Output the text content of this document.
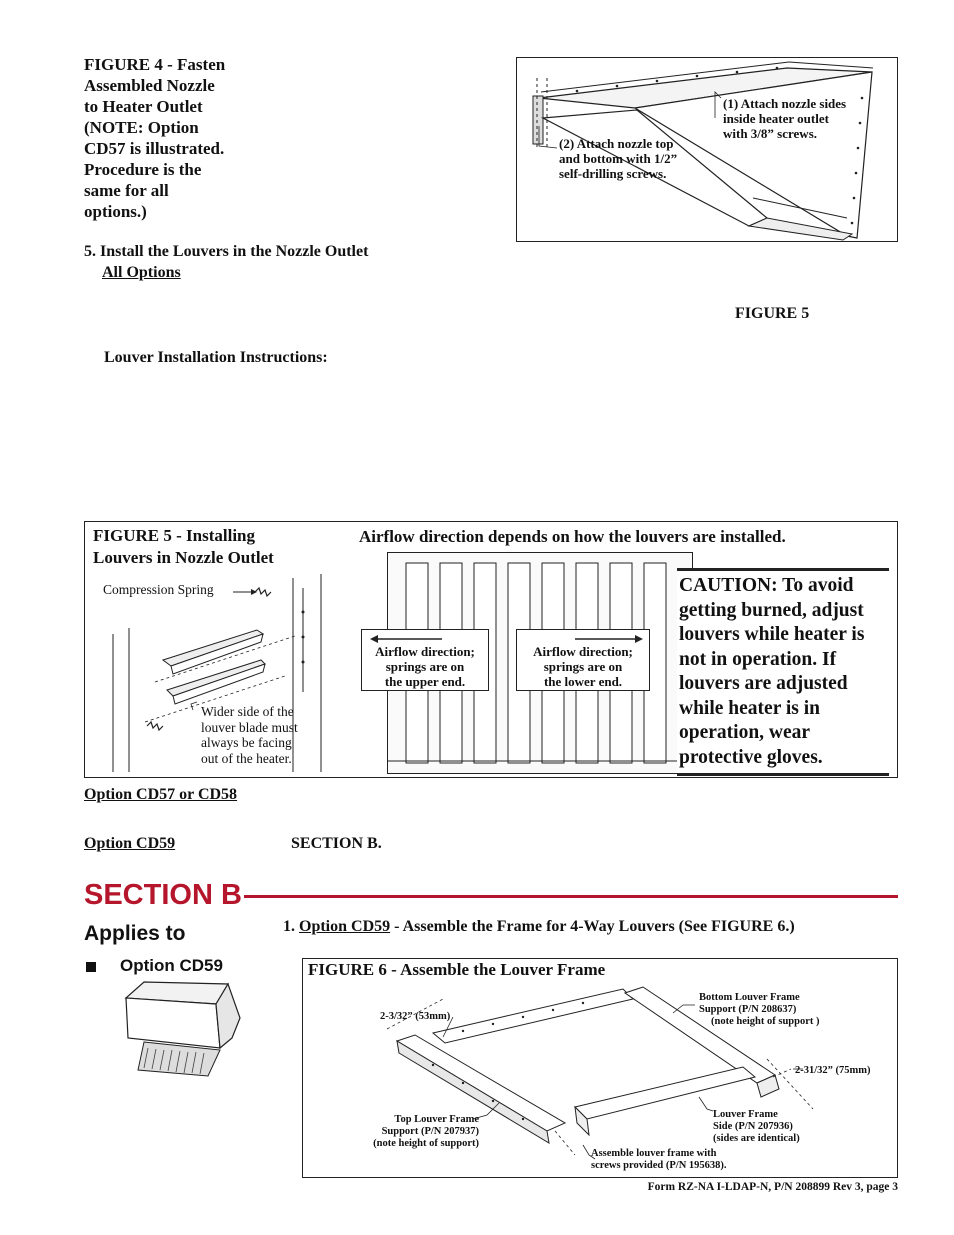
FIGURE 4 - Fasten
Assembled Nozzle
to Heater Outlet
(NOTE: Option
CD57 is illustrated.
Procedure is the
same for all
options.)
(1) Attach nozzle sides
inside heater outlet
with 3/8” screws.
(2) Attach nozzle top
and bottom with 1/2”
self-drilling screws.
5. Install the Louvers in the Nozzle Outlet
All Options
FIGURE 5
Louver Installation Instructions:
FIGURE 5 - Installing
Louvers in Nozzle Outlet
Airflow direction depends on how the louvers are installed.
Compression Spring
Wider side of the
louver blade must
always be facing
out of the heater.
Airflow direction;
springs are on
the upper end.
Airflow direction;
springs are on
the lower end.
CAUTION: To avoid
getting burned, adjust
louvers while heater is
not in operation. If
louvers are adjusted
while heater is in
operation, wear
protective gloves.
Option CD57 or CD58
Option CD59	SECTION B.
SECTION B
Applies to
Option CD59
1. Option CD59 - Assemble the Frame for 4-Way Louvers (See FIGURE 6.)
FIGURE 6 - Assemble the Louver Frame
2-3/32” (53mm)
2-31/32” (75mm)
Bottom Louver Frame
Support (P/N 208637)
(note height of support )
Top Louver Frame
Support (P/N 207937)
(note height of support)
Louver Frame
Side (P/N 207936)
(sides are identical)
Assemble louver frame with
screws provided (P/N 195638).
Form RZ-NA I-LDAP-N, P/N 208899 Rev 3, page 3
